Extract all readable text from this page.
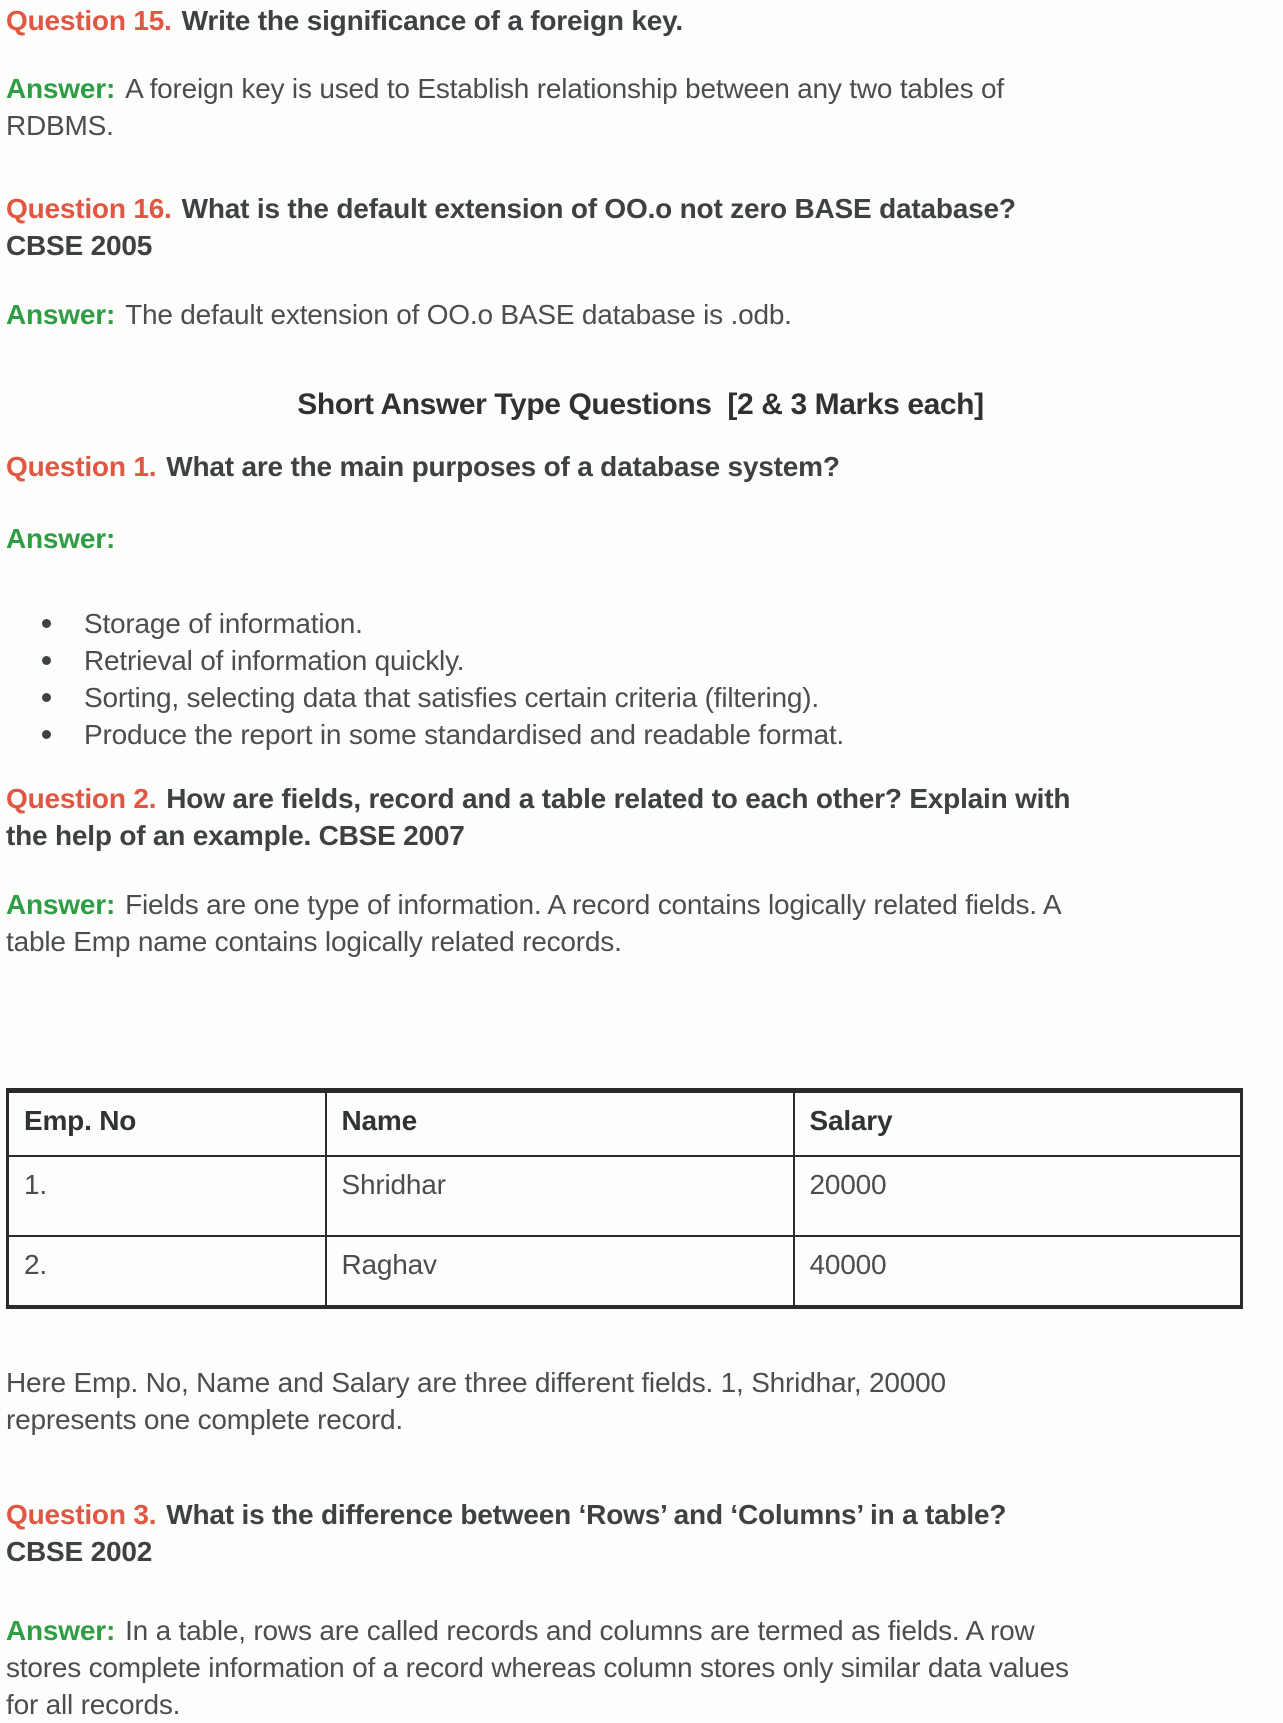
Question 15. Write the significance of a foreign key.

Answer: A foreign key is used to Establish relationship between any two tables of
RDBMS.

Question 16. What is the default extension of OO.o not zero BASE database?
CBSE 2005

Answer: The default extension of OO.o BASE database is .odb.

Short Answer Type Questions  [2 & 3 Marks each]

Question 1. What are the main purposes of a database system?

Answer:

Storage of information.
Retrieval of information quickly.
Sorting, selecting data that satisfies certain criteria (filtering).
Produce the report in some standardised and readable format.

Question 2. How are fields, record and a table related to each other? Explain with
the help of an example. CBSE 2007

Answer: Fields are one type of information. A record contains logically related fields. A
table Emp name contains logically related records.

Emp. No	Name	Salary
1.	Shridhar	20000
2.	Raghav	40000

Here Emp. No, Name and Salary are three different fields. 1, Shridhar, 20000
represents one complete record.

Question 3. What is the difference between ‘Rows’ and ‘Columns’ in a table?
CBSE 2002

Answer: In a table, rows are called records and columns are termed as fields. A row
stores complete information of a record whereas column stores only similar data values
for all records.
